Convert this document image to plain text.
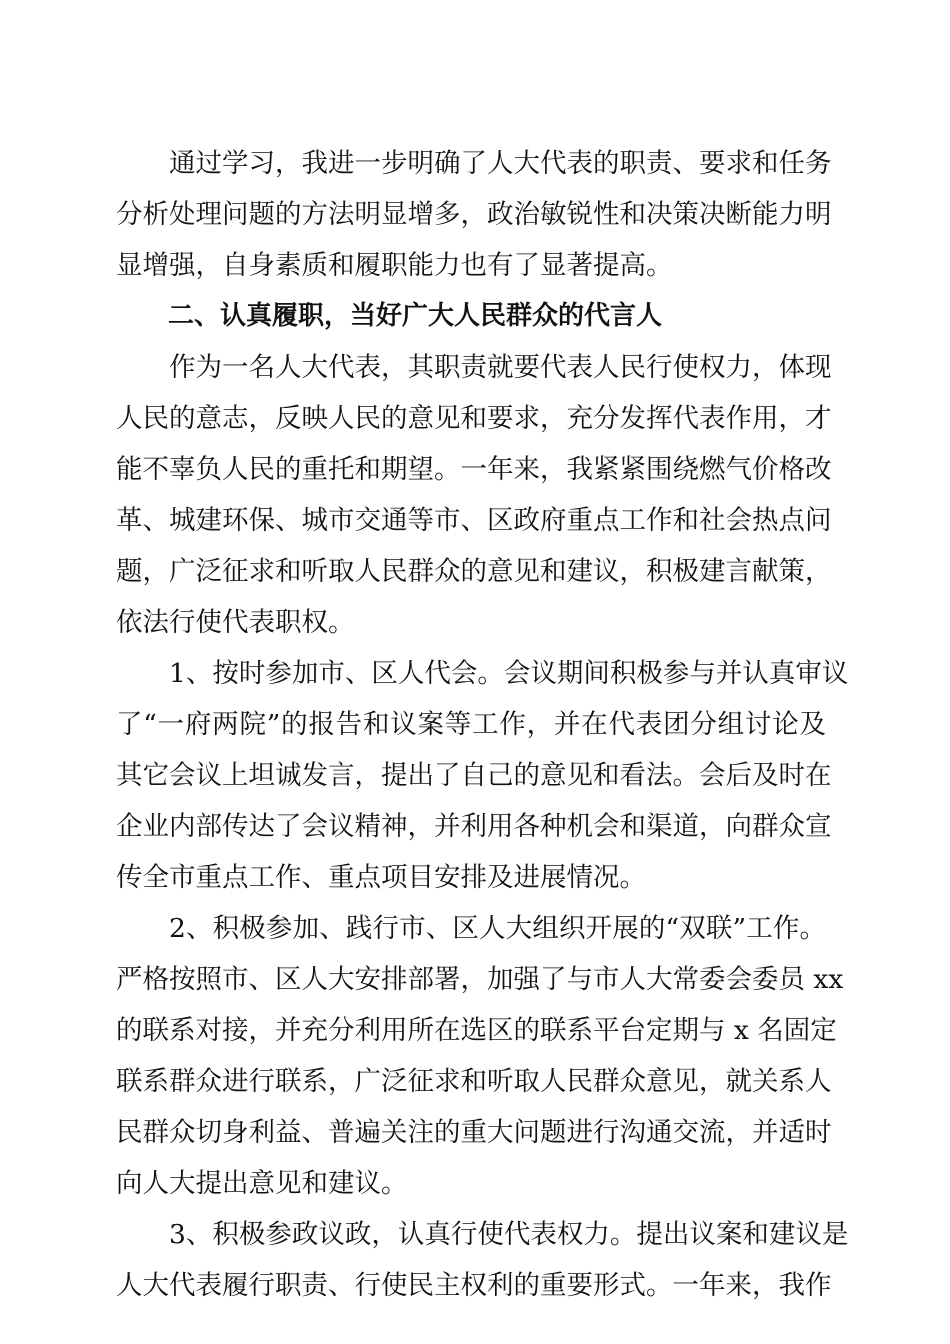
通过学习，我进一步明确了人大代表的职责、要求和任务
分析处理问题的方法明显增多，政治敏锐性和决策决断能力明
显增强，自身素质和履职能力也有了显著提高。

二、认真履职，当好广大人民群众的代言人

作为一名人大代表，其职责就要代表人民行使权力，体现
人民的意志，反映人民的意见和要求，充分发挥代表作用，才
能不辜负人民的重托和期望。一年来，我紧紧围绕燃气价格改
革、城建环保、城市交通等市、区政府重点工作和社会热点问
题，广泛征求和听取人民群众的意见和建议，积极建言献策，
依法行使代表职权。

1、按时参加市、区人代会。会议期间积极参与并认真审议
了“一府两院”的报告和议案等工作，并在代表团分组讨论及
其它会议上坦诚发言，提出了自己的意见和看法。会后及时在
企业内部传达了会议精神，并利用各种机会和渠道，向群众宣
传全市重点工作、重点项目安排及进展情况。

2、积极参加、践行市、区人大组织开展的“双联”工作。
严格按照市、区人大安排部署，加强了与市人大常委会委员 xx
的联系对接，并充分利用所在选区的联系平台定期与 x 名固定
联系群众进行联系，广泛征求和听取人民群众意见，就关系人
民群众切身利益、普遍关注的重大问题进行沟通交流，并适时
向人大提出意见和建议。

3、积极参政议政，认真行使代表权力。提出议案和建议是
人大代表履行职责、行使民主权利的重要形式。一年来，我作
